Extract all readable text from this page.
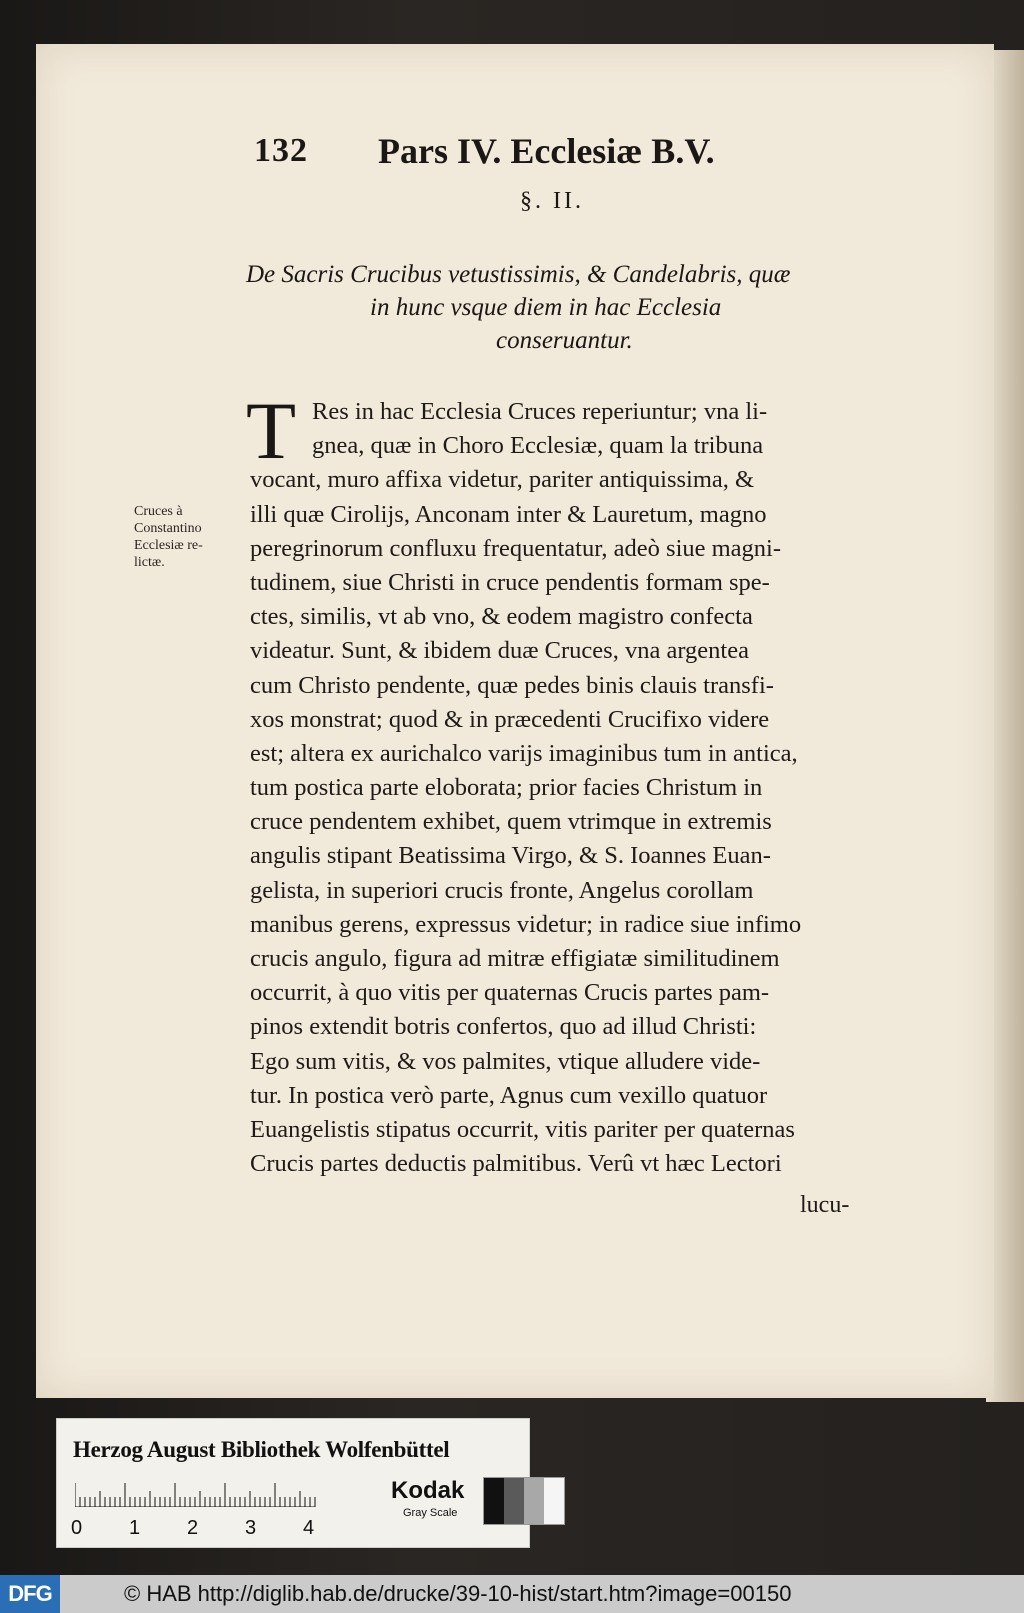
132 Pars IV. Ecclesiæ B.V.
§. II.
De Sacris Crucibus vetustissimis, & Candelabris, quæ
in hunc vsque diem in hac Ecclesia
conseruantur.
T Res in hac Ecclesia Cruces reperiuntur; vna li-
gnea, quæ in Choro Ecclesiæ, quam la tribuna
vocant, muro affixa videtur, pariter antiquissima, &
illi quæ Cirolijs, Anconam inter & Lauretum, magno
peregrinorum confluxu frequentatur, adeò siue magni-
tudinem, siue Christi in cruce pendentis formam spe-
ctes, similis, vt ab vno, & eodem magistro confecta
videatur. Sunt, & ibidem duæ Cruces, vna argentea
cum Christo pendente, quæ pedes binis clauis transfi-
xos monstrat; quod & in præcedenti Crucifixo videre
est; altera ex aurichalco varijs imaginibus tum in antica,
tum postica parte eloborata; prior facies Christum in
cruce pendentem exhibet, quem vtrimque in extremis
angulis stipant Beatissima Virgo, & S. Ioannes Euan-
gelista, in superiori crucis fronte, Angelus corollam
manibus gerens, expressus videtur; in radice siue infimo
crucis angulo, figura ad mitræ effigiatæ similitudinem
occurrit, à quo vitis per quaternas Crucis partes pam-
pinos extendit botris confertos, quo ad illud Christi:
Ego sum vitis, & vos palmites, vtique alludere vide-
tur. In postica verò parte, Agnus cum vexillo quatuor
Euangelistis stipatus occurrit, vitis pariter per quaternas
Crucis partes deductis palmitibus. Verû vt hæc Lectori
lucu-
Cruces à
Constantino
Ecclesiæ re-
lictæ.
Herzog August Bibliothek Wolfenbüttel
0 1 2 3 4
Kodak
Gray Scale
DFG	© HAB http://diglib.hab.de/drucke/39-10-hist/start.htm?image=00150
